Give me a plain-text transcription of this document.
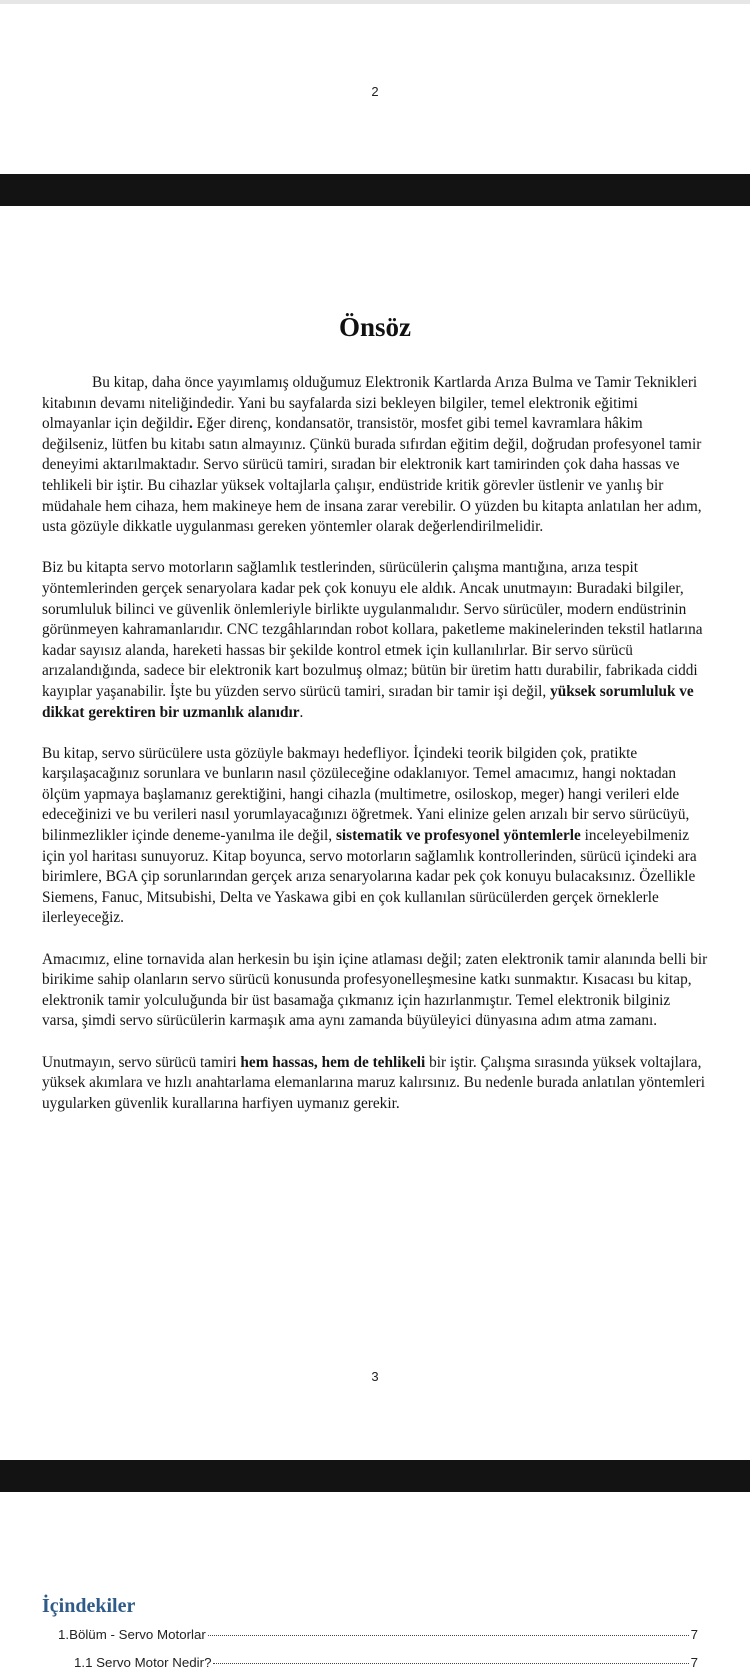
2
Önsöz

Bu kitap, daha önce yayımlamış olduğumuz Elektronik Kartlarda Arıza Bulma ve Tamir Teknikleri kitabının devamı niteliğindedir. Yani bu sayfalarda sizi bekleyen bilgiler, temel elektronik eğitimi olmayanlar için değildir. Eğer direnç, kondansatör, transistör, mosfet gibi temel kavramlara hâkim değilseniz, lütfen bu kitabı satın almayınız. Çünkü burada sıfırdan eğitim değil, doğrudan profesyonel tamir deneyimi aktarılmaktadır. Servo sürücü tamiri, sıradan bir elektronik kart tamirinden çok daha hassas ve tehlikeli bir iştir. Bu cihazlar yüksek voltajlarla çalışır, endüstride kritik görevler üstlenir ve yanlış bir müdahale hem cihaza, hem makineye hem de insana zarar verebilir. O yüzden bu kitapta anlatılan her adım, usta gözüyle dikkatle uygulanması gereken yöntemler olarak değerlendirilmelidir.

Biz bu kitapta servo motorların sağlamlık testlerinden, sürücülerin çalışma mantığına, arıza tespit yöntemlerinden gerçek senaryolara kadar pek çok konuyu ele aldık. Ancak unutmayın: Buradaki bilgiler, sorumluluk bilinci ve güvenlik önlemleriyle birlikte uygulanmalıdır. Servo sürücüler, modern endüstrinin görünmeyen kahramanlarıdır. CNC tezgâhlarından robot kollara, paketleme makinelerinden tekstil hatlarına kadar sayısız alanda, hareketi hassas bir şekilde kontrol etmek için kullanılırlar. Bir servo sürücü arızalandığında, sadece bir elektronik kart bozulmuş olmaz; bütün bir üretim hattı durabilir, fabrikada ciddi kayıplar yaşanabilir. İşte bu yüzden servo sürücü tamiri, sıradan bir tamir işi değil, yüksek sorumluluk ve dikkat gerektiren bir uzmanlık alanıdır.

Bu kitap, servo sürücülere usta gözüyle bakmayı hedefliyor. İçindeki teorik bilgiden çok, pratikte karşılaşacağınız sorunlara ve bunların nasıl çözüleceğine odaklanıyor. Temel amacımız, hangi noktadan ölçüm yapmaya başlamanız gerektiğini, hangi cihazla (multimetre, osiloskop, meger) hangi verileri elde edeceğinizi ve bu verileri nasıl yorumlayacağınızı öğretmek. Yani elinize gelen arızalı bir servo sürücüyü, bilinmezlikler içinde deneme-yanılma ile değil, sistematik ve profesyonel yöntemlerle inceleyebilmeniz için yol haritası sunuyoruz. Kitap boyunca, servo motorların sağlamlık kontrollerinden, sürücü içindeki ara birimlere, BGA çip sorunlarından gerçek arıza senaryolarına kadar pek çok konuyu bulacaksınız. Özellikle Siemens, Fanuc, Mitsubishi, Delta ve Yaskawa gibi en çok kullanılan sürücülerden gerçek örneklerle ilerleyeceğiz.

Amacımız, eline tornavida alan herkesin bu işin içine atlaması değil; zaten elektronik tamir alanında belli bir birikime sahip olanların servo sürücü konusunda profesyonelleşmesine katkı sunmaktır. Kısacası bu kitap, elektronik tamir yolculuğunda bir üst basamağa çıkmanız için hazırlanmıştır. Temel elektronik bilginiz varsa, şimdi servo sürücülerin karmaşık ama aynı zamanda büyüleyici dünyasına adım atma zamanı.

Unutmayın, servo sürücü tamiri hem hassas, hem de tehlikeli bir iştir. Çalışma sırasında yüksek voltajlara, yüksek akımlara ve hızlı anahtarlama elemanlarına maruz kalırsınız. Bu nedenle burada anlatılan yöntemleri uygularken güvenlik kurallarına harfiyen uymanız gerekir.

3
İçindekiler
1.Bölüm - Servo Motorlar	7
1.1 Servo Motor Nedir?	7
